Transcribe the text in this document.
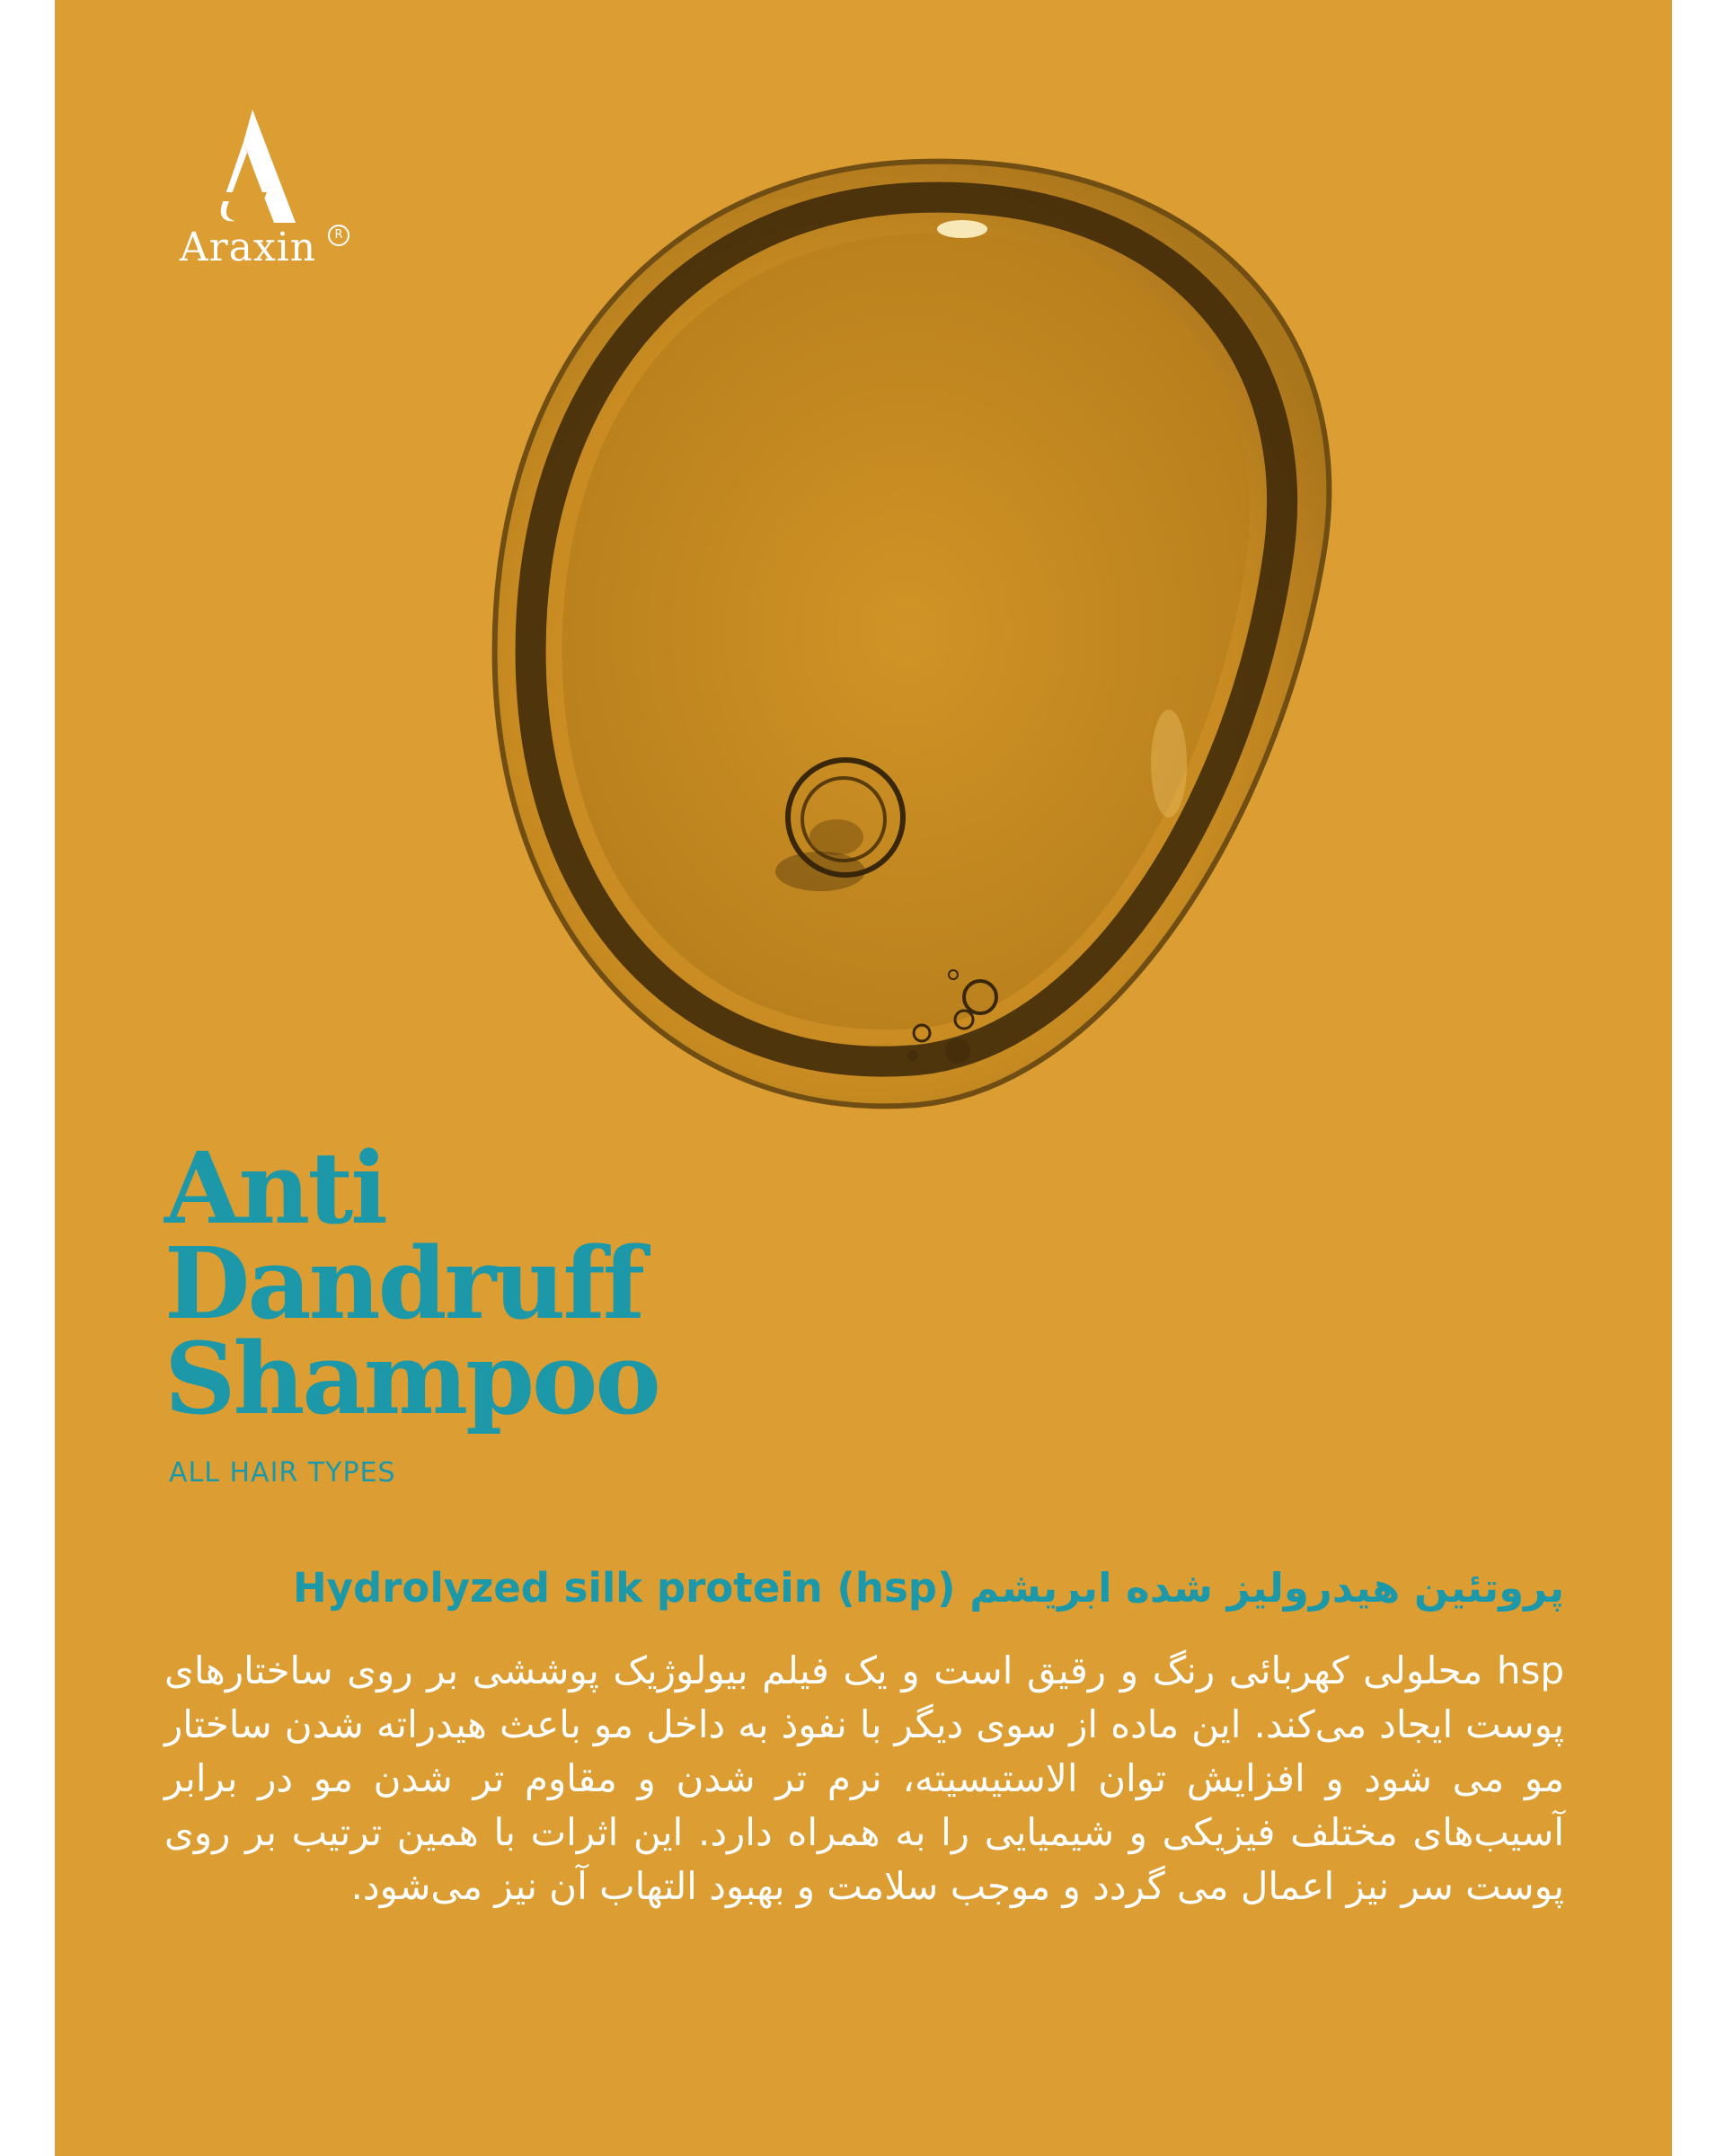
Araxin	R
Anti
Dandruff
Shampoo
ALL HAIR TYPES
پروتئین هیدرولیز شده ابریشم (Hydrolyzed silk protein (hsp

hsp محلولی کهربائی رنگ و رقیق است و یک فیلم بیولوژیک پوششی بر روی ساختارهای پوست ایجاد می‌کند. این ماده از سوی دیگر با نفوذ به داخل مو باعث هیدراته شدن ساختار مو می شود و افزایش توان الاستیسیته، نرم تر شدن و مقاوم تر شدن مو در برابر آسیب‌های مختلف فیزیکی و شیمیایی را به همراه دارد. این اثرات با همین ترتیب بر روی پوست سر نیز اعمال می گردد و موجب سلامت و بهبود التهاب آن نیز می‌شود.
